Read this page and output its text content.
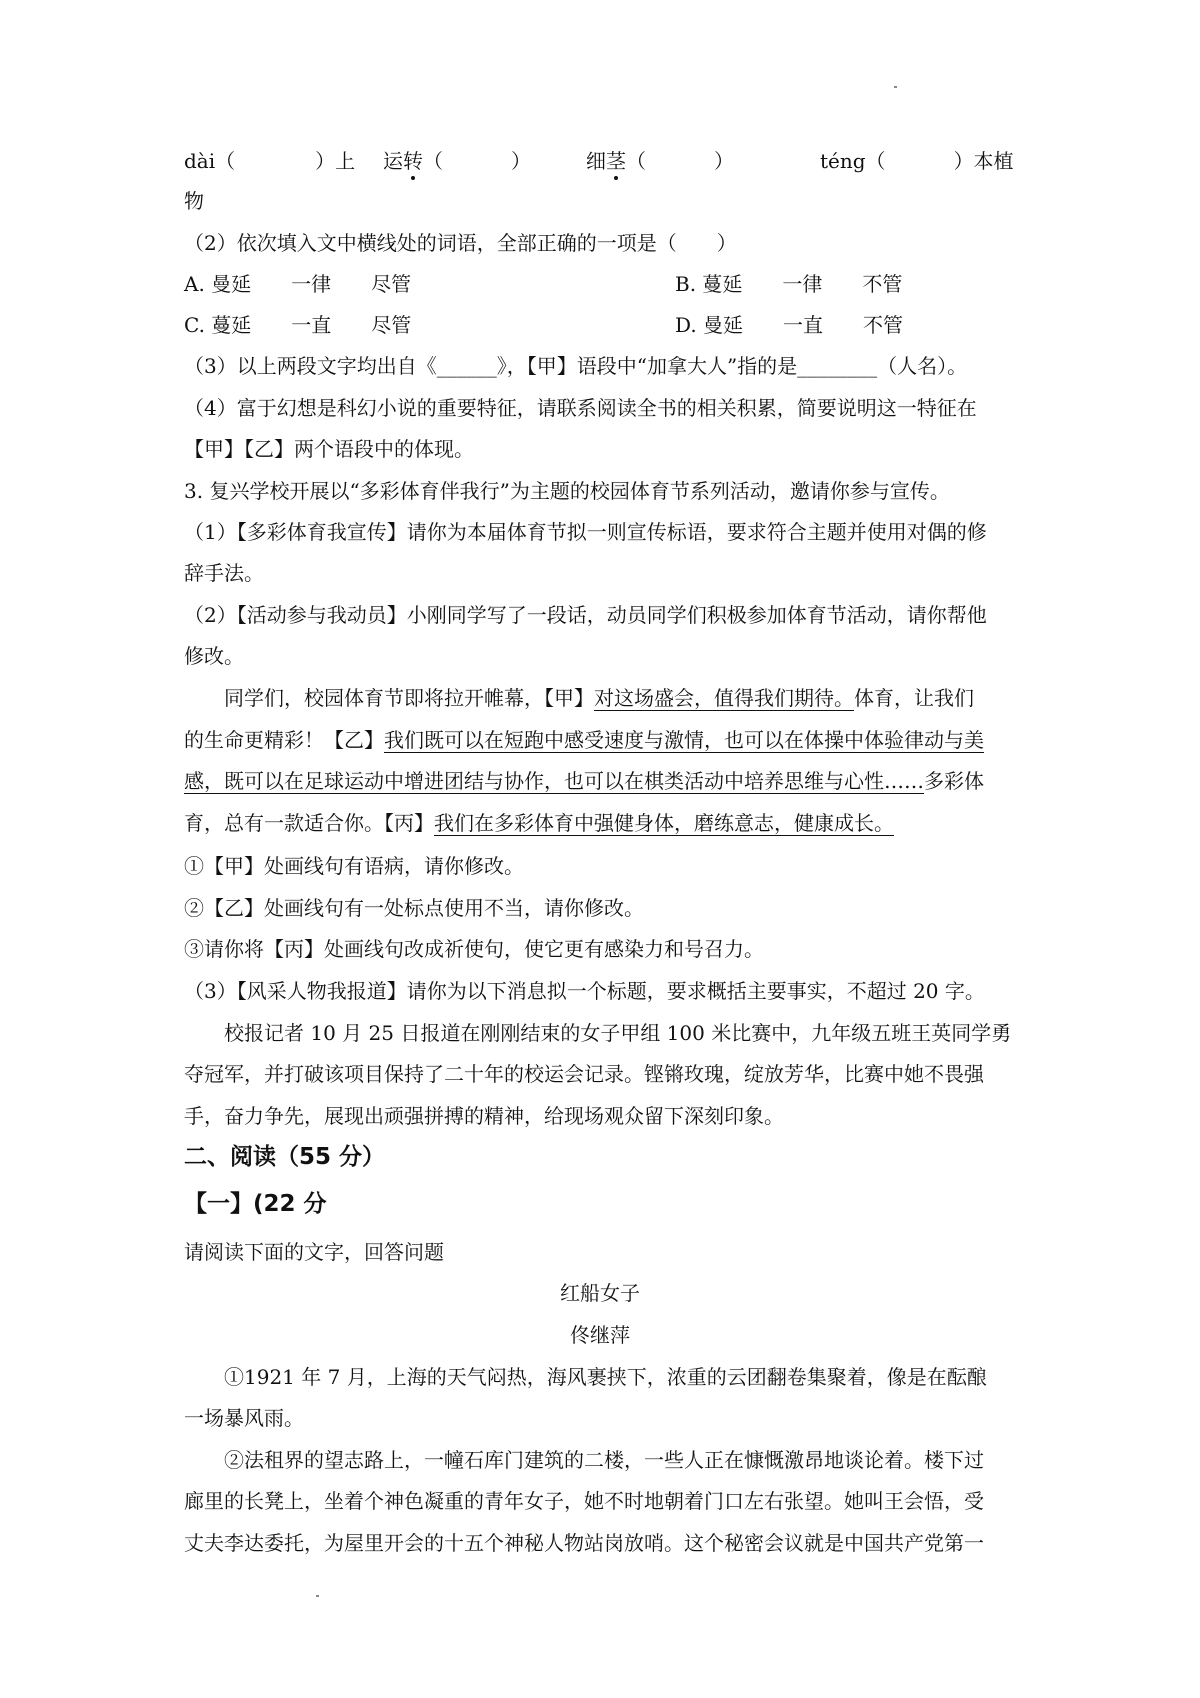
dài（	）上 运转（	）	细茎（	）	téng（	）本植
物
（2）依次填入文中横线处的词语，全部正确的一项是（　　）
A. 曼延　　一律　　尽管	B. 蔓延　　一律　　不管
C. 蔓延　　一直　　尽管	D. 曼延　　一直　　不管
（3）以上两段文字均出自《______》，【甲】语段中“加拿大人”指的是________（人名）。
（4）富于幻想是科幻小说的重要特征，请联系阅读全书的相关积累，简要说明这一特征在
【甲】【乙】两个语段中的体现。
3. 复兴学校开展以“多彩体育伴我行”为主题的校园体育节系列活动，邀请你参与宣传。
（1）【多彩体育我宣传】请你为本届体育节拟一则宣传标语，要求符合主题并使用对偶的修
辞手法。
（2）【活动参与我动员】小刚同学写了一段话，动员同学们积极参加体育节活动，请你帮他
修改。
同学们，校园体育节即将拉开帷幕，【甲】对这场盛会，值得我们期待。体育，让我们
的生命更精彩！【乙】我们既可以在短跑中感受速度与激情，也可以在体操中体验律动与美
感，既可以在足球运动中增进团结与协作，也可以在棋类活动中培养思维与心性……多彩体
育，总有一款适合你。【丙】我们在多彩体育中强健身体，磨练意志，健康成长。
①【甲】处画线句有语病，请你修改。
②【乙】处画线句有一处标点使用不当，请你修改。
③请你将【丙】处画线句改成祈使句，使它更有感染力和号召力。
（3）【风采人物我报道】请你为以下消息拟一个标题，要求概括主要事实，不超过 20 字。
校报记者 10 月 25 日报道在刚刚结束的女子甲组 100 米比赛中，九年级五班王英同学勇
夺冠军，并打破该项目保持了二十年的校运会记录。铿锵玫瑰，绽放芳华，比赛中她不畏强
手，奋力争先，展现出顽强拼搏的精神，给现场观众留下深刻印象。
二、阅读（55 分）
【一】(22 分
请阅读下面的文字，回答问题
红船女子
佟继萍
①1921 年 7 月，上海的天气闷热，海风裹挟下，浓重的云团翻卷集聚着，像是在酝酿
一场暴风雨。
②法租界的望志路上，一幢石库门建筑的二楼，一些人正在慷慨激昂地谈论着。楼下过
廊里的长凳上，坐着个神色凝重的青年女子，她不时地朝着门口左右张望。她叫王会悟，受
丈夫李达委托，为屋里开会的十五个神秘人物站岗放哨。这个秘密会议就是中国共产党第一
